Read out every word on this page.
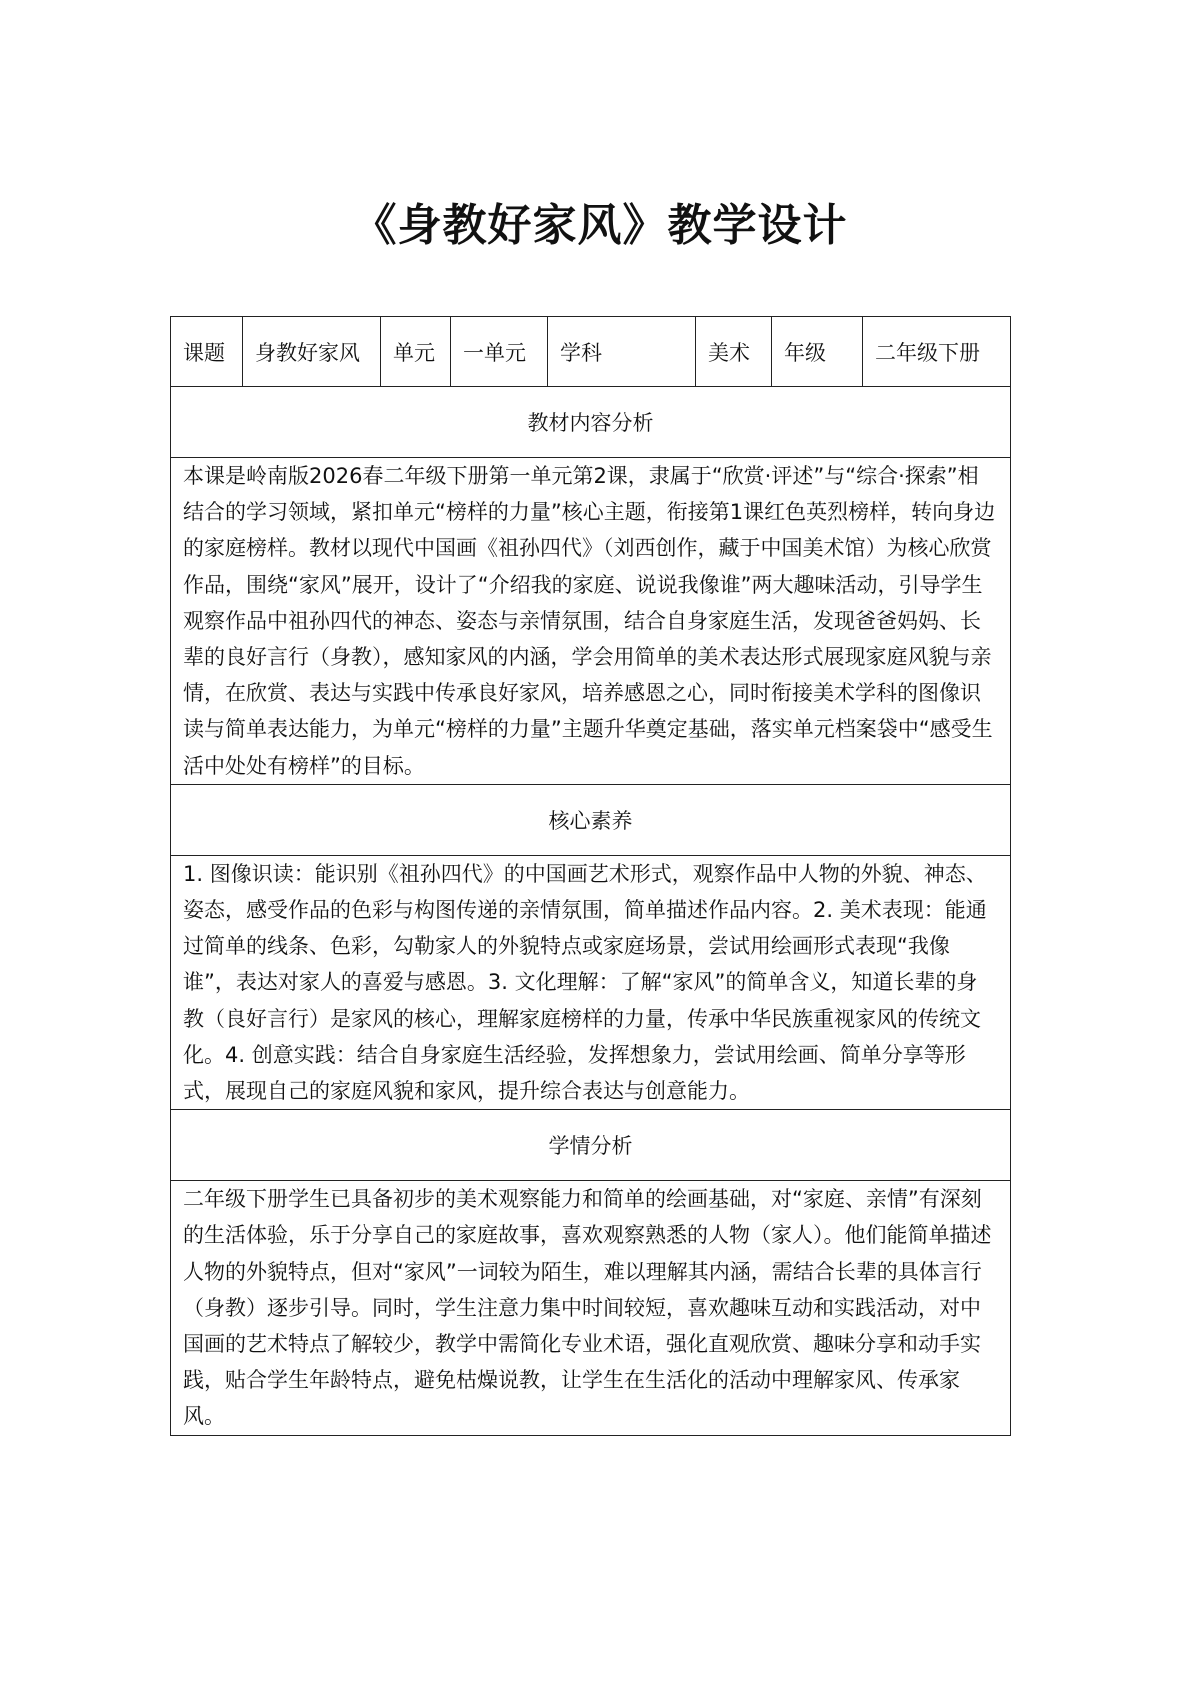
《身教好家风》教学设计
课题	身教好家风	单元	一单元	学科	美术	年级	二年级下册
教材内容分析

本课是岭南版2026春二年级下册第一单元第2课，隶属于“欣赏·评述”与“综合·探索”相结合的学习领域，紧扣单元“榜样的力量”核心主题，衔接第1课红色英烈榜样，转向身边的家庭榜样。教材以现代中国画《祖孙四代》（刘西创作，藏于中国美术馆）为核心欣赏作品，围绕“家风”展开，设计了“介绍我的家庭、说说我像谁”两大趣味活动，引导学生观察作品中祖孙四代的神态、姿态与亲情氛围，结合自身家庭生活，发现爸爸妈妈、长辈的良好言行（身教），感知家风的内涵，学会用简单的美术表达形式展现家庭风貌与亲情，在欣赏、表达与实践中传承良好家风，培养感恩之心，同时衔接美术学科的图像识读与简单表达能力，为单元“榜样的力量”主题升华奠定基础，落实单元档案袋中“感受生活中处处有榜样”的目标。

核心素养

1. 图像识读：能识别《祖孙四代》的中国画艺术形式，观察作品中人物的外貌、神态、姿态，感受作品的色彩与构图传递的亲情氛围，简单描述作品内容。2. 美术表现：能通过简单的线条、色彩，勾勒家人的外貌特点或家庭场景，尝试用绘画形式表现“我像谁”，表达对家人的喜爱与感恩。3. 文化理解：了解“家风”的简单含义，知道长辈的身教（良好言行）是家风的核心，理解家庭榜样的力量，传承中华民族重视家风的传统文化。4. 创意实践：结合自身家庭生活经验，发挥想象力，尝试用绘画、简单分享等形式，展现自己的家庭风貌和家风，提升综合表达与创意能力。

学情分析

二年级下册学生已具备初步的美术观察能力和简单的绘画基础，对“家庭、亲情”有深刻的生活体验，乐于分享自己的家庭故事，喜欢观察熟悉的人物（家人）。他们能简单描述人物的外貌特点，但对“家风”一词较为陌生，难以理解其内涵，需结合长辈的具体言行（身教）逐步引导。同时，学生注意力集中时间较短，喜欢趣味互动和实践活动，对中国画的艺术特点了解较少，教学中需简化专业术语，强化直观欣赏、趣味分享和动手实践，贴合学生年龄特点，避免枯燥说教，让学生在生活化的活动中理解家风、传承家风。
